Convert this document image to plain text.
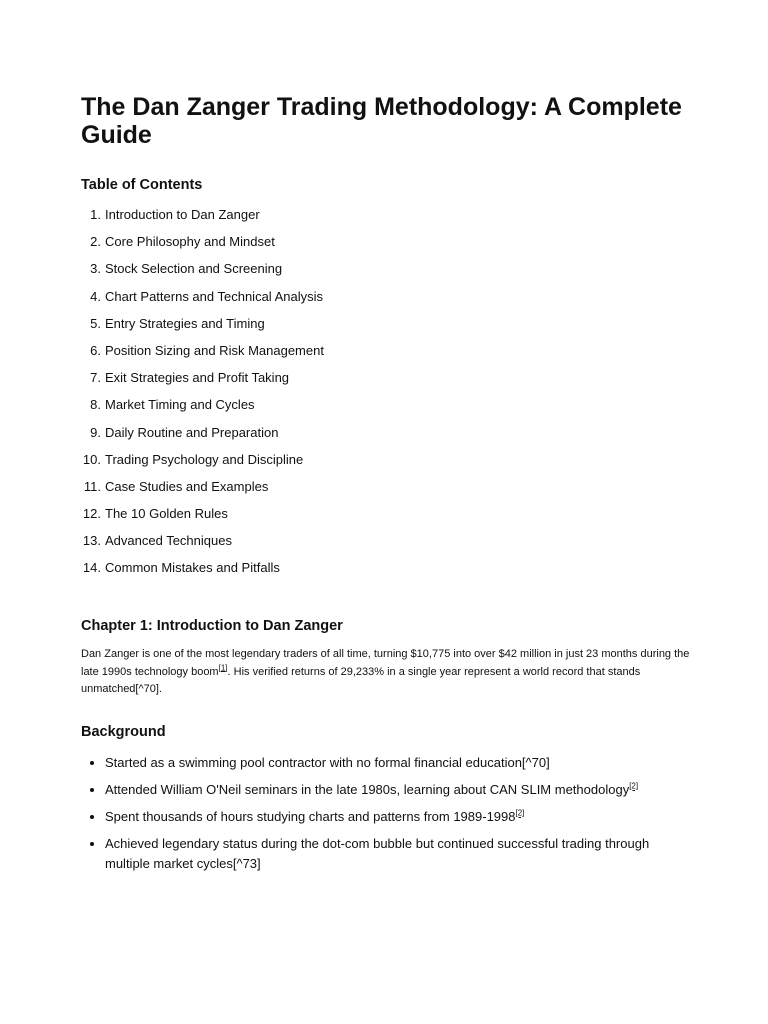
The Dan Zanger Trading Methodology: A Complete Guide
Table of Contents
1. Introduction to Dan Zanger
2. Core Philosophy and Mindset
3. Stock Selection and Screening
4. Chart Patterns and Technical Analysis
5. Entry Strategies and Timing
6. Position Sizing and Risk Management
7. Exit Strategies and Profit Taking
8. Market Timing and Cycles
9. Daily Routine and Preparation
10. Trading Psychology and Discipline
11. Case Studies and Examples
12. The 10 Golden Rules
13. Advanced Techniques
14. Common Mistakes and Pitfalls
Chapter 1: Introduction to Dan Zanger

Dan Zanger is one of the most legendary traders of all time, turning $10,775 into over $42 million in just 23 months during the late 1990s technology boom[1]. His verified returns of 29,233% in a single year represent a world record that stands unmatched[^70].

Background
Started as a swimming pool contractor with no formal financial education[^70]
Attended William O'Neil seminars in the late 1980s, learning about CAN SLIM methodology[2]
Spent thousands of hours studying charts and patterns from 1989-1998[2]
Achieved legendary status during the dot-com bubble but continued successful trading through multiple market cycles[^73]
